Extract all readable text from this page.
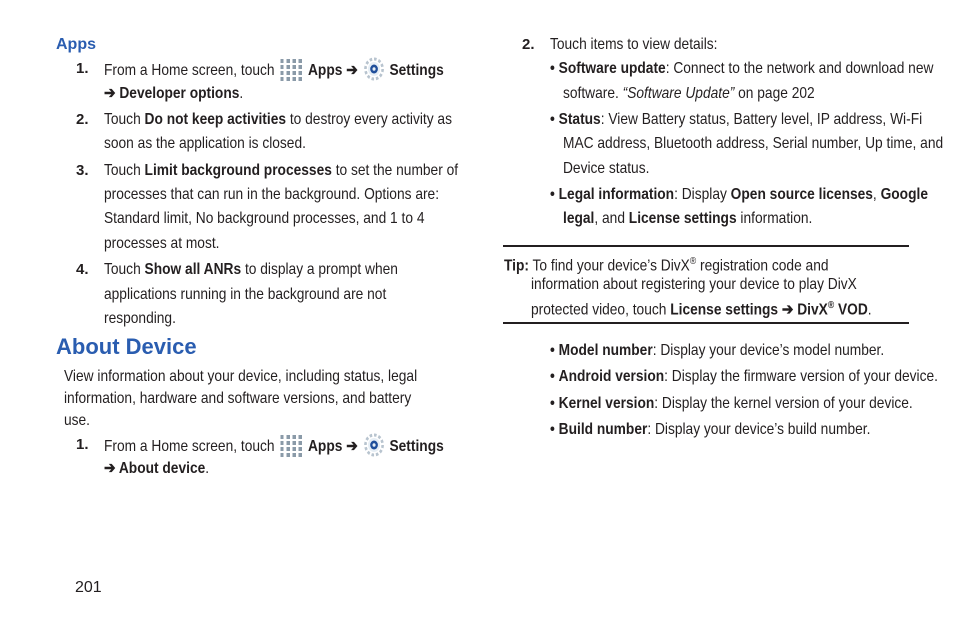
Apps
1. From a Home screen, touch  Apps ➔  Settings
➔ Developer options.
2. Touch Do not keep activities to destroy every activity as
soon as the application is closed.
3. Touch Limit background processes to set the number of
processes that can run in the background. Options are:
Standard limit, No background processes, and 1 to 4
processes at most.
4. Touch Show all ANRs to display a prompt when
applications running in the background are not
responding.
About Device
View information about your device, including status, legal
information, hardware and software versions, and battery
use.
1. From a Home screen, touch  Apps ➔  Settings
➔ About device.
201
2. Touch items to view details:
• Software update: Connect to the network and download new
software. “Software Update” on page 202
• Status: View Battery status, Battery level, IP address, Wi-Fi
MAC address, Bluetooth address, Serial number, Up time, and
Device status.
• Legal information: Display Open source licenses, Google
legal, and License settings information.
Tip: To find your device’s DivX® registration code and
information about registering your device to play DivX
protected video, touch License settings ➔ DivX® VOD.
• Model number: Display your device’s model number.
• Android version: Display the firmware version of your device.
• Kernel version: Display the kernel version of your device.
• Build number: Display your device’s build number.
